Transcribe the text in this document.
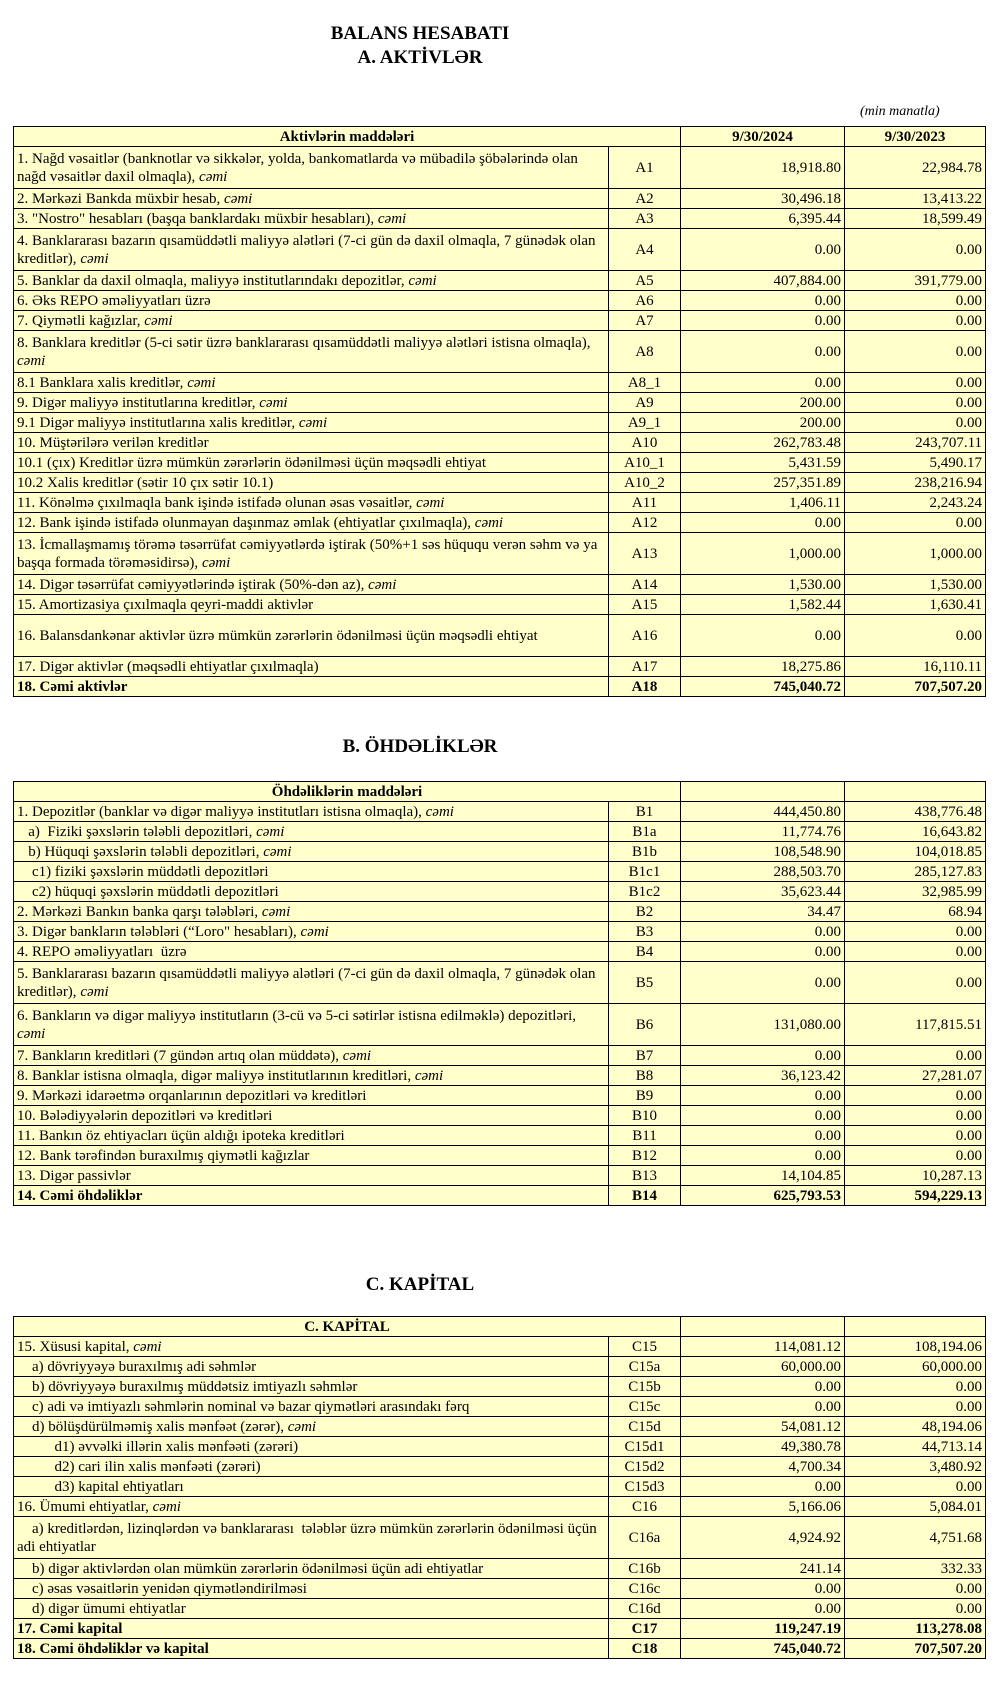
BALANS HESABATI
A. AKTİVLƏR
(min manatla)
Aktivlərin maddələri		9/30/2024	9/30/2023
1. Nağd vəsaitlər (banknotlar və sikkələr, yolda, bankomatlarda və mübadilə şöbələrində olan nağd vəsaitlər daxil olmaqla), cəmi	A1	18,918.80	22,984.78
2. Mərkəzi Bankda müxbir hesab, cəmi	A2	30,496.18	13,413.22
3. "Nostro" hesabları (başqa banklardakı müxbir hesabları), cəmi	A3	6,395.44	18,599.49
4. Banklararası bazarın qısamüddətli maliyyə alətləri (7-ci gün də daxil olmaqla, 7 günədək olan kreditlər), cəmi	A4	0.00	0.00
5. Banklar da daxil olmaqla, maliyyə institutlarındakı depozitlər, cəmi	A5	407,884.00	391,779.00
6. Əks REPO əməliyyatları üzrə	A6	0.00	0.00
7. Qiymətli kağızlar, cəmi	A7	0.00	0.00
8. Banklara kreditlər (5-ci sətir üzrə banklararası qısamüddətli maliyyə alətləri istisna olmaqla), cəmi	A8	0.00	0.00
8.1 Banklara xalis kreditlər, cəmi	A8_1	0.00	0.00
9. Digər maliyyə institutlarına kreditlər, cəmi	A9	200.00	0.00
9.1 Digər maliyyə institutlarına xalis kreditlər, cəmi	A9_1	200.00	0.00
10. Müştərilərə verilən kreditlər	A10	262,783.48	243,707.11
10.1 (çıx) Kreditlər üzrə mümkün zərərlərin ödənilməsi üçün məqsədli ehtiyat	A10_1	5,431.59	5,490.17
10.2 Xalis kreditlər (sətir 10 çıx sətir 10.1)	A10_2	257,351.89	238,216.94
11. Könəlmə çıxılmaqla bank işində istifadə olunan əsas vəsaitlər, cəmi	A11	1,406.11	2,243.24
12. Bank işində istifadə olunmayan daşınmaz əmlak (ehtiyatlar çıxılmaqla), cəmi	A12	0.00	0.00
13. İcmallaşmamış törəmə təsərrüfat cəmiyyətlərdə iştirak (50%+1 səs hüququ verən səhm və ya başqa formada törəməsidirsə), cəmi	A13	1,000.00	1,000.00
14. Digər təsərrüfat cəmiyyətlərində iştirak (50%-dən az), cəmi	A14	1,530.00	1,530.00
15. Amortizasiya çıxılmaqla qeyri-maddi aktivlər	A15	1,582.44	1,630.41
16. Balansdankənar aktivlər üzrə mümkün zərərlərin ödənilməsi üçün məqsədli ehtiyat	A16	0.00	0.00
17. Digər aktivlər (məqsədli ehtiyatlar çıxılmaqla)	A17	18,275.86	16,110.11
18. Cəmi aktivlər	A18	745,040.72	707,507.20
B. ÖHDƏLİKLƏR
Öhdəliklərin maddələri			
1. Depozitlər (banklar və digər maliyyə institutları istisna olmaqla), cəmi	B1	444,450.80	438,776.48
a)  Fiziki şəxslərin tələbli depozitləri, cəmi	B1a	11,774.76	16,643.82
b) Hüquqi şəxslərin tələbli depozitləri, cəmi	B1b	108,548.90	104,018.85
c1) fiziki şəxslərin müddətli depozitləri	B1c1	288,503.70	285,127.83
c2) hüquqi şəxslərin müddətli depozitləri	B1c2	35,623.44	32,985.99
2. Mərkəzi Bankın banka qarşı tələbləri, cəmi	B2	34.47	68.94
3. Digər bankların tələbləri (“Loro" hesabları), cəmi	B3	0.00	0.00
4. REPO əməliyyatları  üzrə	B4	0.00	0.00
5. Banklararası bazarın qısamüddətli maliyyə alətləri (7-ci gün də daxil olmaqla, 7 günədək olan kreditlər), cəmi	B5	0.00	0.00
6. Bankların və digər maliyyə institutların (3-cü və 5-ci sətirlər istisna edilməklə) depozitləri, cəmi	B6	131,080.00	117,815.51
7. Bankların kreditləri (7 gündən artıq olan müddətə), cəmi	B7	0.00	0.00
8. Banklar istisna olmaqla, digər maliyyə institutlarının kreditləri, cəmi	B8	36,123.42	27,281.07
9. Mərkəzi idarəetmə orqanlarının depozitləri və kreditləri	B9	0.00	0.00
10. Bələdiyyələrin depozitləri və kreditləri	B10	0.00	0.00
11. Bankın öz ehtiyacları üçün aldığı ipoteka kreditləri	B11	0.00	0.00
12. Bank tərəfindən buraxılmış qiymətli kağızlar	B12	0.00	0.00
13. Digər passivlər	B13	14,104.85	10,287.13
14. Cəmi öhdəliklər	B14	625,793.53	594,229.13
C. KAPİTAL
C. KAPİTAL			
15. Xüsusi kapital, cəmi	C15	114,081.12	108,194.06
a) dövriyyəyə buraxılmış adi səhmlər	C15a	60,000.00	60,000.00
b) dövriyyəyə buraxılmış müddətsiz imtiyazlı səhmlər	C15b	0.00	0.00
c) adi və imtiyazlı səhmlərin nominal və bazar qiymətləri arasındakı fərq	C15c	0.00	0.00
d) bölüşdürülməmiş xalis mənfəət (zərər), cəmi	C15d	54,081.12	48,194.06
d1) əvvəlki illərin xalis mənfəəti (zərəri)	C15d1	49,380.78	44,713.14
d2) cari ilin xalis mənfəəti (zərəri)	C15d2	4,700.34	3,480.92
d3) kapital ehtiyatları	C15d3	0.00	0.00
16. Ümumi ehtiyatlar, cəmi	C16	5,166.06	5,084.01
a) kreditlərdən, lizinqlərdən və banklararası  tələblər üzrə mümkün zərərlərin ödənilməsi üçün adi ehtiyatlar	C16a	4,924.92	4,751.68
b) digər aktivlərdən olan mümkün zərərlərin ödənilməsi üçün adi ehtiyatlar	C16b	241.14	332.33
c) əsas vəsaitlərin yenidən qiymətləndirilməsi	C16c	0.00	0.00
d) digər ümumi ehtiyatlar	C16d	0.00	0.00
17. Cəmi kapital	C17	119,247.19	113,278.08
18. Cəmi öhdəliklər və kapital	C18	745,040.72	707,507.20
